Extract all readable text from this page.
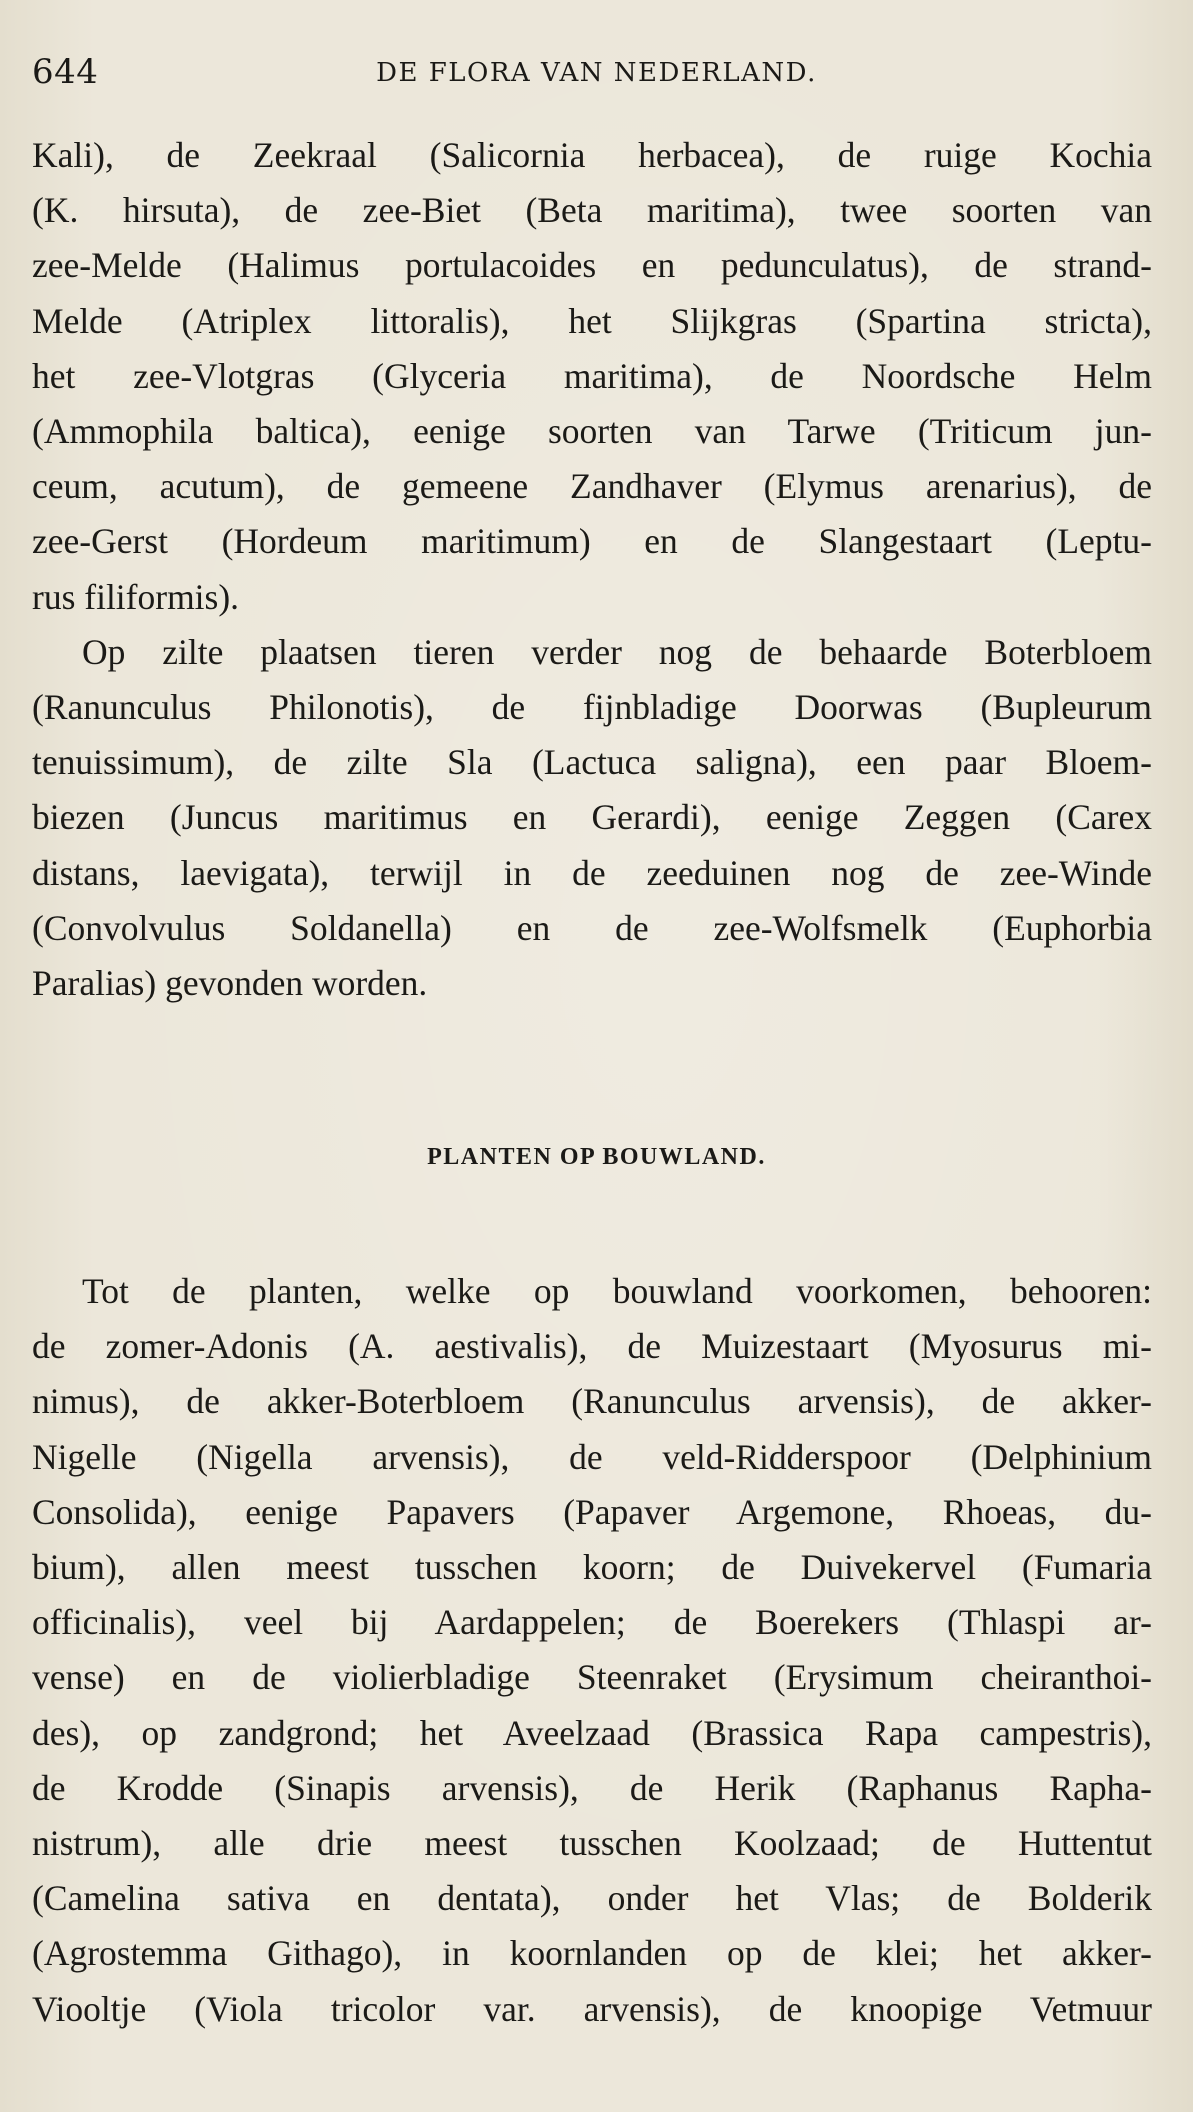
644	DE FLORA VAN NEDERLAND.
Kali), de Zeekraal (Salicornia herbacea), de ruige Kochia
(K. hirsuta), de zee-Biet (Beta maritima), twee soorten van
zee-Melde (Halimus portulacoides en pedunculatus), de strand-
Melde (Atriplex littoralis), het Slijkgras (Spartina stricta),
het zee-Vlotgras (Glyceria maritima), de Noordsche Helm
(Ammophila baltica), eenige soorten van Tarwe (Triticum jun-
ceum, acutum), de gemeene Zandhaver (Elymus arenarius), de
zee-Gerst (Hordeum maritimum) en de Slangestaart (Leptu-
rus filiformis).
Op zilte plaatsen tieren verder nog de behaarde Boterbloem
(Ranunculus Philonotis), de fijnbladige Doorwas (Bupleurum
tenuissimum), de zilte Sla (Lactuca saligna), een paar Bloem-
biezen (Juncus maritimus en Gerardi), eenige Zeggen (Carex
distans, laevigata), terwijl in de zeeduinen nog de zee-Winde
(Convolvulus Soldanella) en de zee-Wolfsmelk (Euphorbia
Paralias) gevonden worden.
PLANTEN OP BOUWLAND.
Tot de planten, welke op bouwland voorkomen, behooren:
de zomer-Adonis (A. aestivalis), de Muizestaart (Myosurus mi-
nimus), de akker-Boterbloem (Ranunculus arvensis), de akker-
Nigelle (Nigella arvensis), de veld-Ridderspoor (Delphinium
Consolida), eenige Papavers (Papaver Argemone, Rhoeas, du-
bium), allen meest tusschen koorn; de Duivekervel (Fumaria
officinalis), veel bij Aardappelen; de Boerekers (Thlaspi ar-
vense) en de violierbladige Steenraket (Erysimum cheiranthoi-
des), op zandgrond; het Aveelzaad (Brassica Rapa campestris),
de Krodde (Sinapis arvensis), de Herik (Raphanus Rapha-
nistrum), alle drie meest tusschen Koolzaad; de Huttentut
(Camelina sativa en dentata), onder het Vlas; de Bolderik
(Agrostemma Githago), in koornlanden op de klei; het akker-
Viooltje (Viola tricolor var. arvensis), de knoopige Vetmuur
